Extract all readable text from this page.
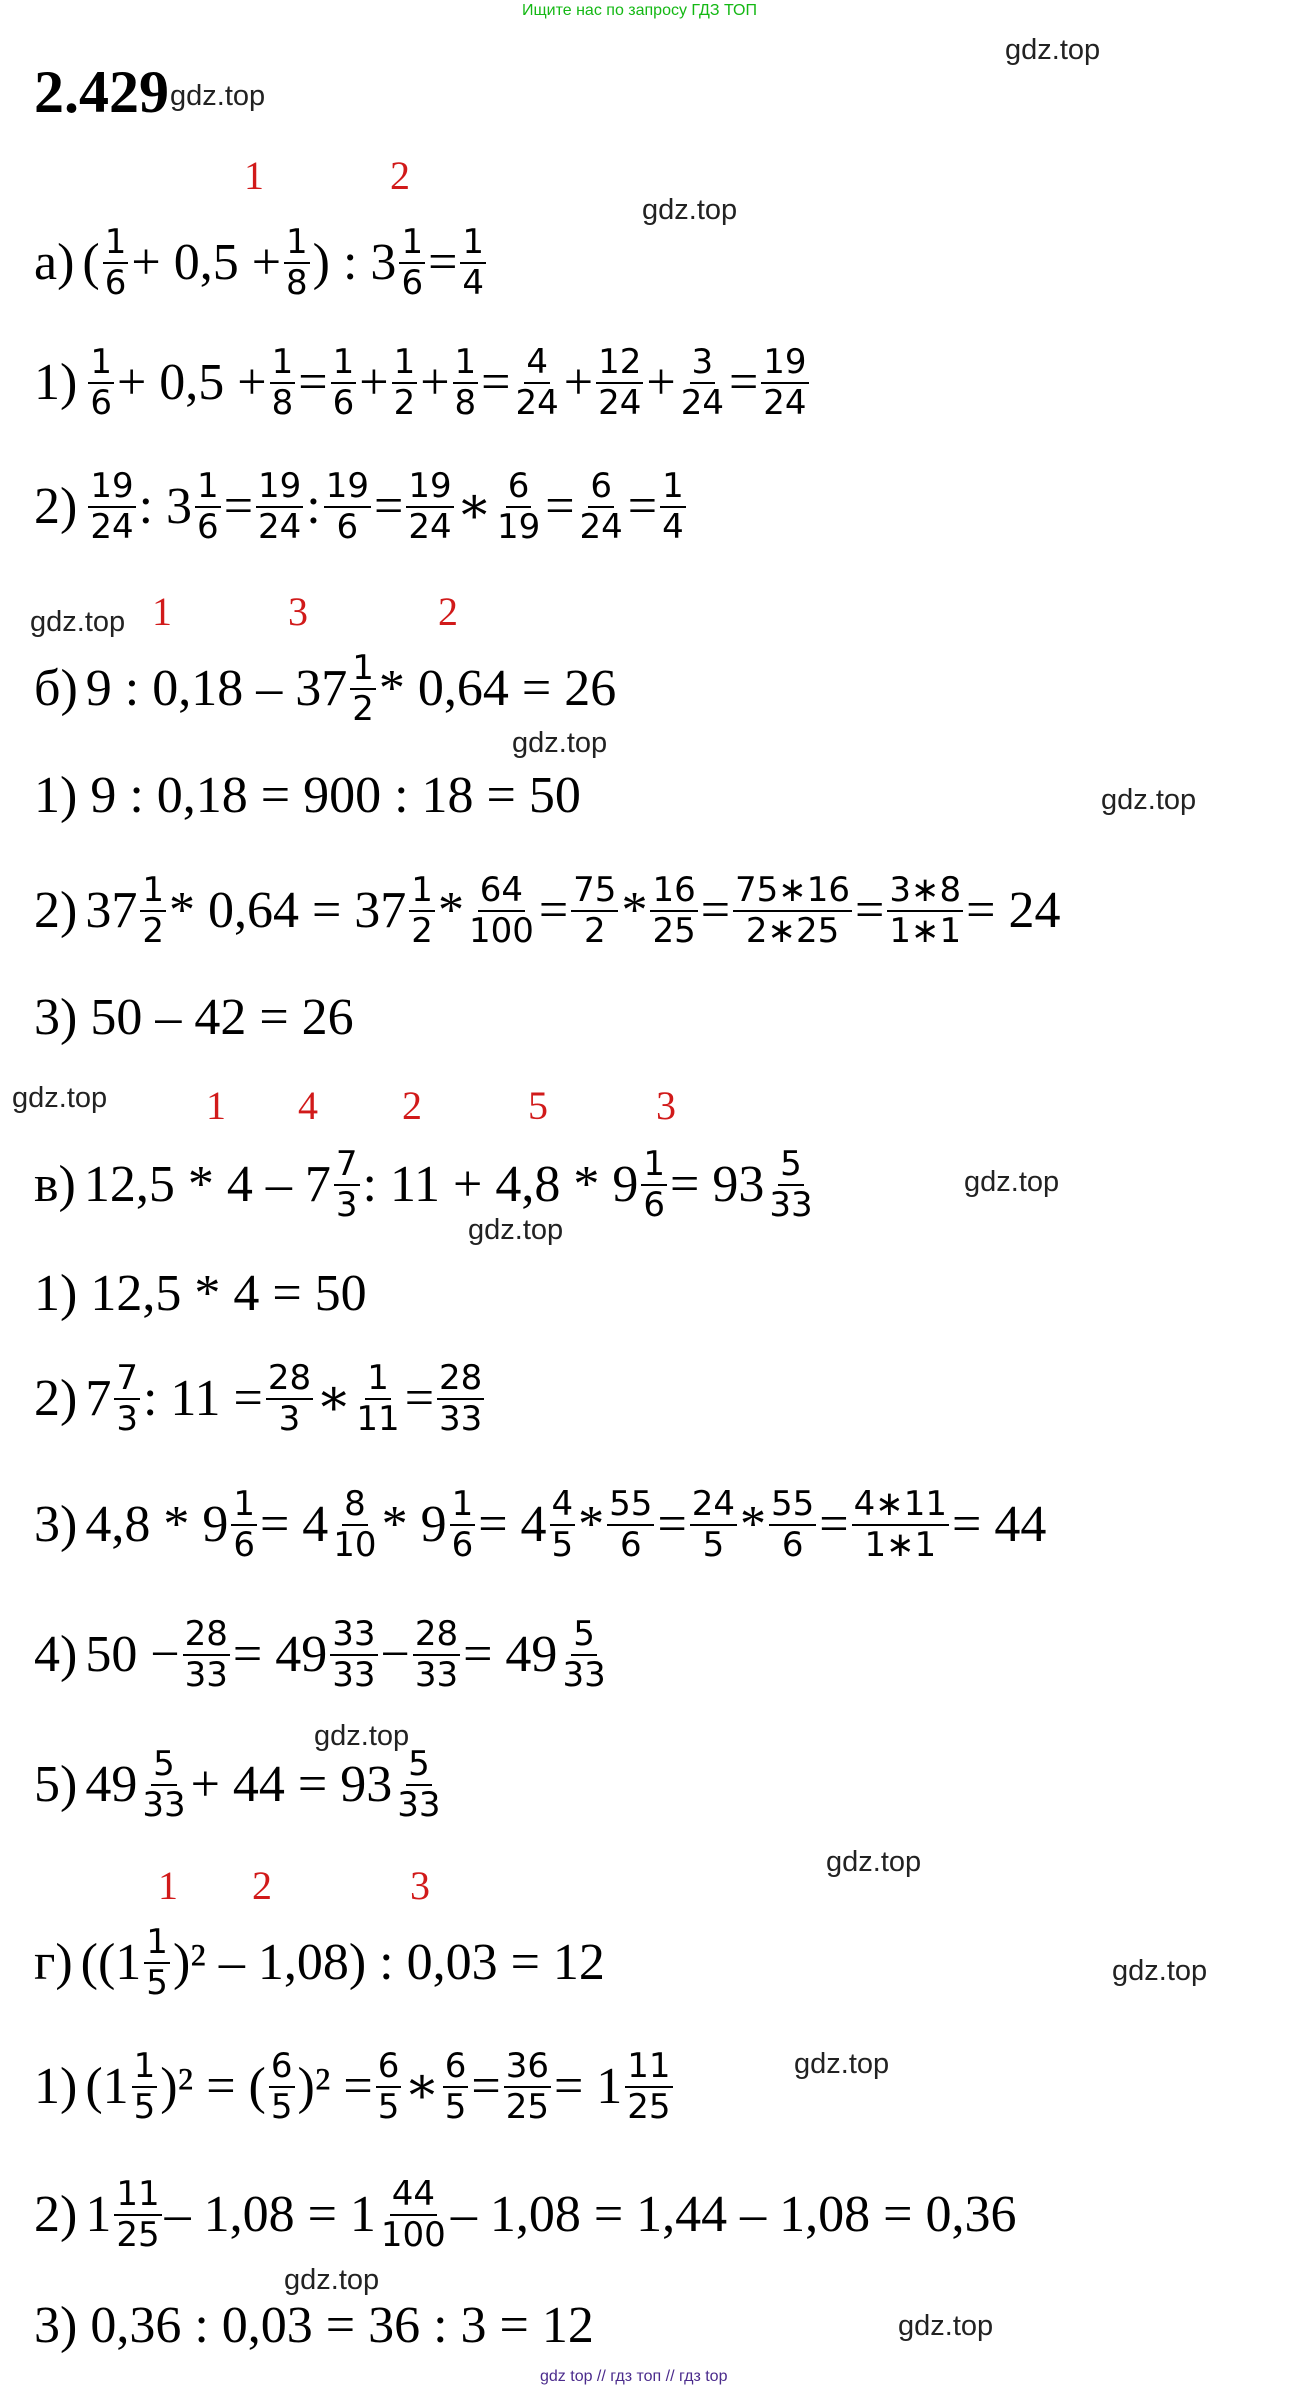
Ищите нас по запросу ГДЗ ТОП
gdz top // гдз топ // гдз top
2.429
gdz.top
gdz.top
gdz.top
gdz.top
gdz.top
gdz.top
gdz.top
gdz.top
gdz.top
gdz.top
gdz.top
gdz.top
gdz.top
gdz.top
gdz.top
1	2
а) ( $\frac{1}{6} + 0,5 + \frac{1}{8}$ ) : $3 \frac{1}{6} = \frac{1}{4}$
$1) \frac{1}{6} + 0,5 + \frac{1}{8} = \frac{1}{6} + \frac{1}{2} + \frac{1}{8} = \frac{4}{24} + \frac{12}{24} + \frac{3}{24} = \frac{19}{24}$
$2) \frac{19}{24}$ : $3 \frac{1}{6} = \frac{19}{24}$ : $\frac{19}{6} = \frac{19}{24}$ ∗ $\frac{6}{19} = \frac{6}{24} = \frac{1}{4}$
1	3	2
б) 9 : $0,18 - 37 \frac{1}{2} * 0,64 = 26$
1) 9 : 0,18 = 900 : 18 = 50
2) $37 \frac{1}{2} * 0,64 = 37 \frac{1}{2} * \frac{64}{100} = \frac{75}{2} * \frac{16}{25} = \frac{75∗16}{2∗25} = \frac{3∗8}{1∗1} = 24$
3) 50 – 42 = 26
1 4 2	5	3
в) $12,5 * 4 - 7 \frac{7}{3}$ : $11 + 4,8 * 9 \frac{1}{6} = 93 \frac{5}{33}$
1) 12,5 * 4 = 50
2) $7 \frac{7}{3}$ : $11 = \frac{28}{3}$ ∗ $\frac{1}{11} = \frac{28}{33}$
3) $4,8 * 9 \frac{1}{6} = 4 \frac{8}{10} * 9 \frac{1}{6} = 4 \frac{4}{5} * \frac{55}{6} = \frac{24}{5} * \frac{55}{6} = \frac{4∗11}{1∗1} = 44$
4) $50 - \frac{28}{33} = 49 \frac{33}{33} - \frac{28}{33} = 49 \frac{5}{33}$
5) $49 \frac{5}{33} + 44 = 93 \frac{5}{33}$
1 2	3
г) $((1 \frac{1}{5} )^2 - 1,08)$ : 0,03 = 12
1) $(1 \frac{1}{5} )^2$ = ( $\frac{6}{5} )^2 = \frac{6}{5}$ ∗ $\frac{6}{5} = \frac{36}{25} = 1 \frac{11}{25}$
2) $1 \frac{11}{25} - 1,08 = 1 \frac{44}{100} - 1,08 = 1,44 - 1,08 = 0,36$
3) 0,36 : 0,03 = 36 : 3 = 12
